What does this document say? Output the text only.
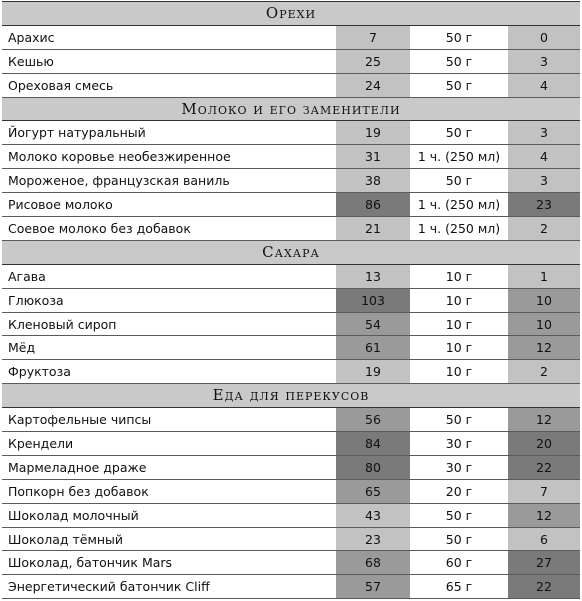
Орехи
Арахис	7	50 г	0
Кешью	25	50 г	3
Ореховая смесь	24	50 г	4
Молоко и его заменители
Йогурт натуральный	19	50 г	3
Молоко коровье необезжиренное	31	1 ч. (250 мл)	4
Мороженое, французская ваниль	38	50 г	3
Рисовое молоко	86	1 ч. (250 мл)	23
Соевое молоко без добавок	21	1 ч. (250 мл)	2
Сахара
Агава	13	10 г	1
Глюкоза	103	10 г	10
Кленовый сироп	54	10 г	10
Мёд	61	10 г	12
Фруктоза	19	10 г	2
Еда для перекусов
Картофельные чипсы	56	50 г	12
Крендели	84	30 г	20
Мармеладное драже	80	30 г	22
Попкорн без добавок	65	20 г	7
Шоколад молочный	43	50 г	12
Шоколад тёмный	23	50 г	6
Шоколад, батончик Mars	68	60 г	27
Энергетический батончик Cliff	57	65 г	22
